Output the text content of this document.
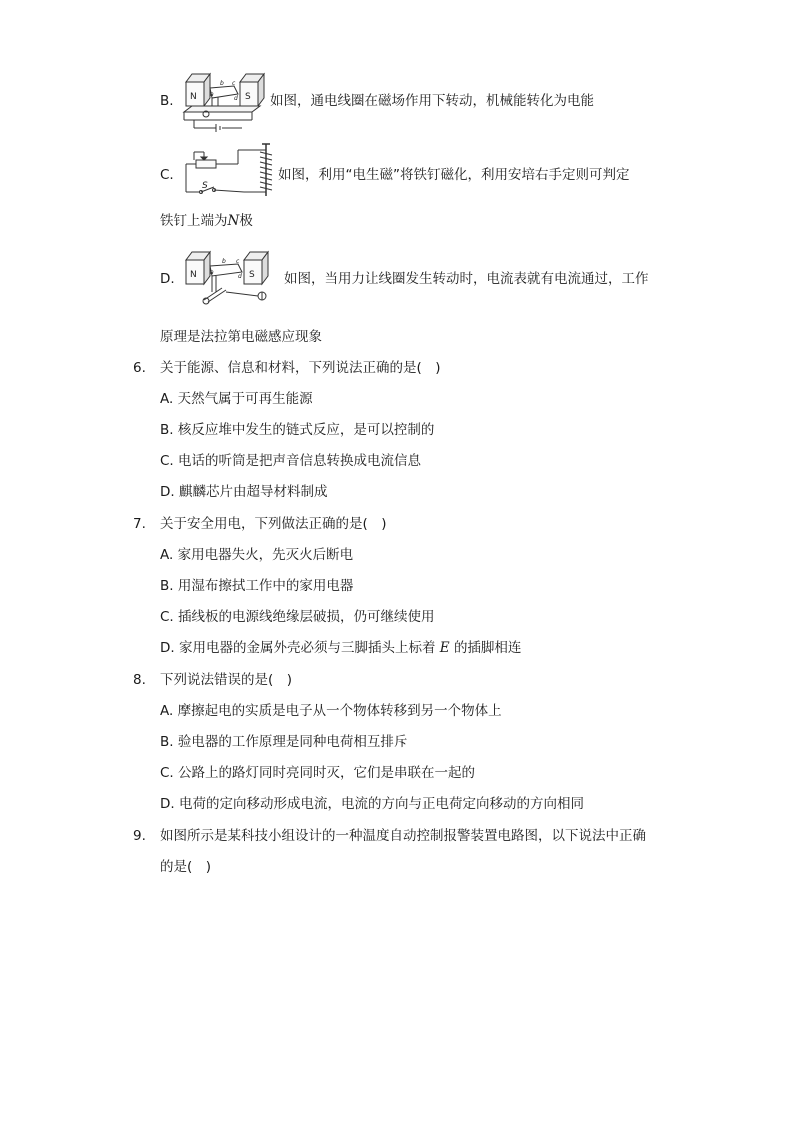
B. N	S
a
b c
d 如图，通电线圈在磁场作用下转动，机械能转化为电能
C.
S
如图，利用“电生磁”将铁钉磁化，利用安培右手定则可判定
铁钉上端为N极
D. N	S
a
b c
d	如图，当用力让线圈发生转动时，电流表就有电流通过，工作
原理是法拉第电磁感应现象
6. 关于能源、信息和材料，下列说法正确的是(　)
A. 天然气属于可再生能源
B. 核反应堆中发生的链式反应，是可以控制的
C. 电话的听筒是把声音信息转换成电流信息
D. 麒麟芯片由超导材料制成
7. 关于安全用电，下列做法正确的是(　)
A. 家用电器失火，先灭火后断电
B. 用湿布擦拭工作中的家用电器
C. 插线板的电源线绝缘层破损，仍可继续使用
D. 家用电器的金属外壳必须与三脚插头上标着 E 的插脚相连
8. 下列说法错误的是(　)
A. 摩擦起电的实质是电子从一个物体转移到另一个物体上
B. 验电器的工作原理是同种电荷相互排斥
C. 公路上的路灯同时亮同时灭，它们是串联在一起的
D. 电荷的定向移动形成电流，电流的方向与正电荷定向移动的方向相同
9. 如图所示是某科技小组设计的一种温度自动控制报警装置电路图，以下说法中正确
的是(　)
